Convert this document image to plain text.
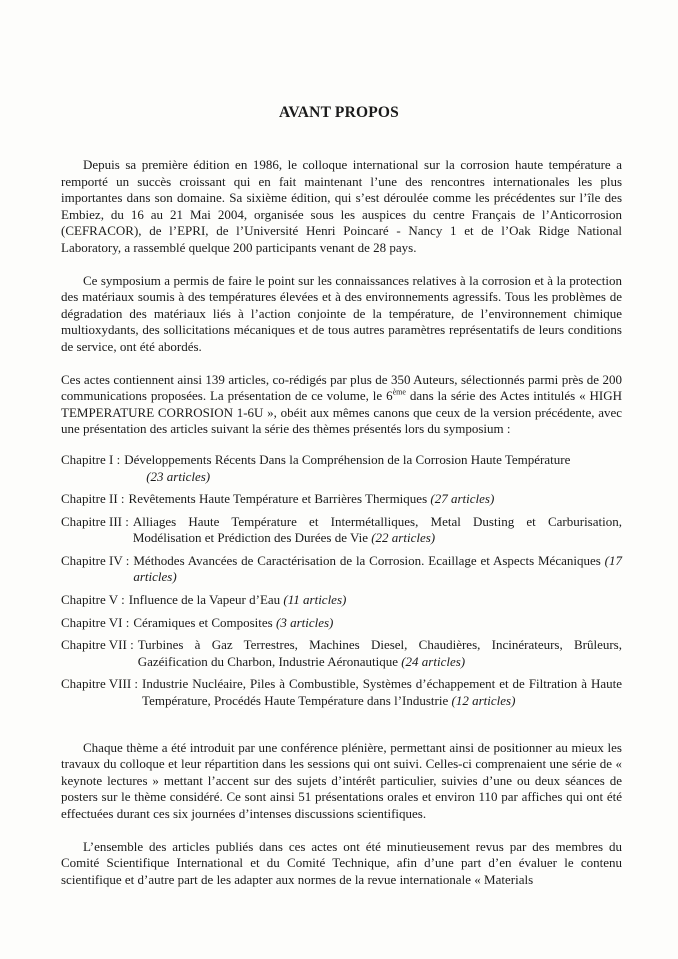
AVANT PROPOS

Depuis sa première édition en 1986, le colloque international sur la corrosion haute température a remporté un succès croissant qui en fait maintenant l’une des rencontres internationales les plus importantes dans son domaine. Sa sixième édition, qui s’est déroulée comme les précédentes sur l’île des Embiez, du 16 au 21 Mai 2004, organisée sous les auspices du centre Français de l’Anticorrosion (CEFRACOR), de l’EPRI, de l’Université Henri Poincaré - Nancy 1 et de l’Oak Ridge National Laboratory, a rassemblé quelque 200 participants venant de 28 pays.

Ce symposium a permis de faire le point sur les connaissances relatives à la corrosion et à la protection des matériaux soumis à des températures élevées et à des environnements agressifs. Tous les problèmes de dégradation des matériaux liés à l’action conjointe de la température, de l’environnement chimique multioxydants, des sollicitations mécaniques et de tous autres paramètres représentatifs de leurs conditions de service, ont été abordés.

Ces actes contiennent ainsi 139 articles, co-rédigés par plus de 350 Auteurs, sélectionnés parmi près de 200 communications proposées. La présentation de ce volume, le 6ème dans la série des Actes intitulés « HIGH TEMPERATURE CORROSION 1-6U », obéit aux mêmes canons que ceux de la version précédente, avec une présentation des articles suivant la série des thèmes présentés lors du symposium :

Chapitre I : Développements Récents Dans la Compréhension de la Corrosion Haute Température
(23 articles)
Chapitre II : Revêtements Haute Température et Barrières Thermiques (27 articles)
Chapitre III : Alliages Haute Température et Intermétalliques, Metal Dusting et Carburisation, Modélisation et Prédiction des Durées de Vie (22 articles)
Chapitre IV : Méthodes Avancées de Caractérisation de la Corrosion. Ecaillage et Aspects Mécaniques (17 articles)
Chapitre V : Influence de la Vapeur d’Eau (11 articles)
Chapitre VI : Céramiques et Composites (3 articles)
Chapitre VII : Turbines à Gaz Terrestres, Machines Diesel, Chaudières, Incinérateurs, Brûleurs, Gazéification du Charbon, Industrie Aéronautique (24 articles)
Chapitre VIII : Industrie Nucléaire, Piles à Combustible, Systèmes d’échappement et de Filtration à Haute Température, Procédés Haute Température dans l’Industrie (12 articles)

Chaque thème a été introduit par une conférence plénière, permettant ainsi de positionner au mieux les travaux du colloque et leur répartition dans les sessions qui ont suivi. Celles-ci comprenaient une série de « keynote lectures » mettant l’accent sur des sujets d’intérêt particulier, suivies d’une ou deux séances de posters sur le thème considéré. Ce sont ainsi 51 présentations orales et environ 110 par affiches qui ont été effectuées durant ces six journées d’intenses discussions scientifiques.

L’ensemble des articles publiés dans ces actes ont été minutieusement revus par des membres du Comité Scientifique International et du Comité Technique, afin d’une part d’en évaluer le contenu scientifique et d’autre part de les adapter aux normes de la revue internationale « Materials
